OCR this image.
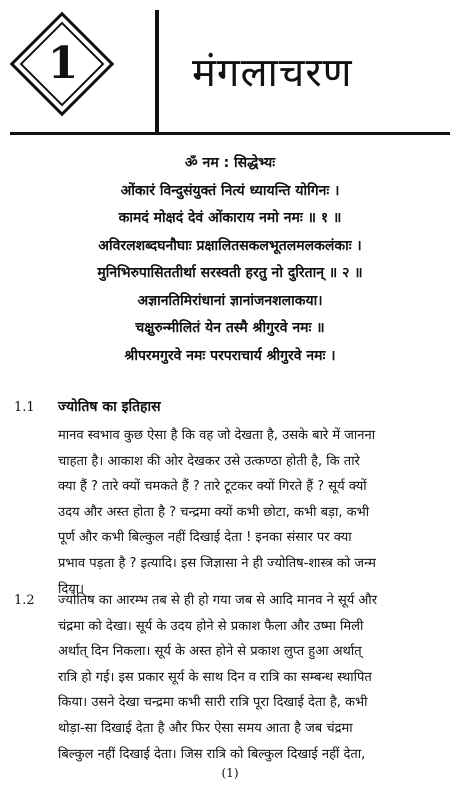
1	मंगलाचरण
ॐ नम : सिद्धेभ्यः
ओंकारं विन्दुसंयुक्तं नित्यं ध्यायन्ति योगिनः ।
कामदं मोक्षदं देवं ओंकाराय नमो नमः ॥ १ ॥
अविरलशब्दघनौघाः प्रक्षालितसकलभूतलमलकलंकाः ।
मुनिभिरुपासिततीर्था सरस्वती हरतु नो दुरितान् ॥ २ ॥
अज्ञानतिमिरांधानां ज्ञानांजनशलाकया।
चक्षुरुन्मीलितं येन तस्मै श्रीगुरवे नमः ॥
श्रीपरमगुरवे नमः परपराचार्य श्रीगुरवे नमः ।
1.1 ज्योतिष का इतिहास
मानव स्वभाव कुछ ऐसा है कि वह जो देखता है, उसके बारे में जानना
चाहता है। आकाश की ओर देखकर उसे उत्कण्ठा होती है, कि तारे
क्या हैं ? तारे क्यों चमकते हैं ? तारे टूटकर क्यों गिरते हैं ? सूर्य क्यों
उदय और अस्त होता है ? चन्द्रमा क्यों कभी छोटा, कभी बड़ा, कभी
पूर्ण और कभी बिल्कुल नहीं दिखाई देता ! इनका संसार पर क्या
प्रभाव पड़ता है ? इत्यादि। इस जिज्ञासा ने ही ज्योतिष-शास्त्र को जन्म
दिया।
1.2 ज्योतिष का आरम्भ तब से ही हो गया जब से आदि मानव ने सूर्य और
चंद्रमा को देखा। सूर्य के उदय होने से प्रकाश फैला और उष्मा मिली
अर्थात् दिन निकला। सूर्य के अस्त होने से प्रकाश लुप्त हुआ अर्थात्
रात्रि हो गई। इस प्रकार सूर्य के साथ दिन व रात्रि का सम्बन्ध स्थापित
किया। उसने देखा चन्द्रमा कभी सारी रात्रि पूरा दिखाई देता है, कभी
थोड़ा-सा दिखाई देता है और फिर ऐसा समय आता है जब चंद्रमा
बिल्कुल नहीं दिखाई देता। जिस रात्रि को बिल्कुल दिखाई नहीं देता,
(1)
